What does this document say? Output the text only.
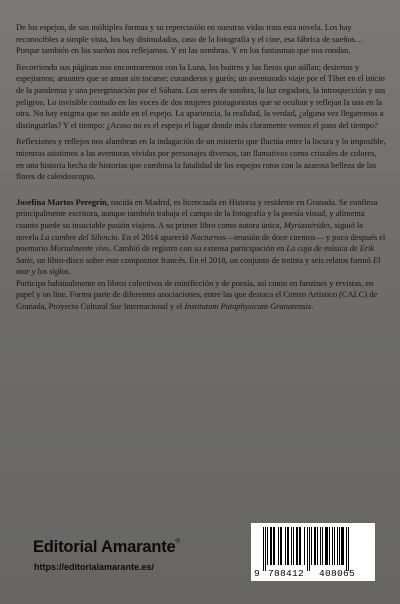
De los espejos, de sus múltiples formas y su repercusión en nuestras vidas trata esta novela. Los hay reconocibles a simple vista, los hay disimulados, caso de la fotografía y el cine, esa fábrica de sueños… Porque también en los sueños nos reflejamos. Y en las sombras. Y en los fantasmas que nos rondan.

Recorriendo sus páginas nos encontraremos con la Luna, los buitres y las fieras que aúllan; desiertos y espejismos; amantes que se aman sin tocarse; curanderos y gurús; un aventurado viaje por el Tíbet en el inicio de la pandemia y una peregrinación por el Sáhara. Los seres de sombra, la luz cegadora, la introspección y sus peligros. Lo invisible contado en las voces de dos mujeres protagonistas que se ocultan y reflejan la una en la otra. No hay enigma que no anide en el espejo. La apariencia, la realidad, la verdad, ¿alguna vez llegaremos a distinguirlas? Y el tiempo: ¿Acaso no es el espejo el lugar donde más claramente vemos el paso del tiempo?

Reflexiones y reflejos nos alumbran en la indagación de un misterio que fluctúa entre la locura y lo imposible, mientras asistimos a las aventuras vividas por personajes diversos, tan llamativos como cristales de colores, en una historia hecha de historias que combina la fatalidad de los espejos rotos con la azarosa belleza de las flores de caleidoscopio.

Josefina Martos Peregrín, nacida en Madrid, es licenciada en Historia y residente en Granada. Se confiesa principalmente escritora, aunque también trabaja el campo de la fotografía y la poesía visual, y alimenta cuanto puede su insaciable pasión viajera. A su primer libro como autora única, Myriastérides, siguió la novela La cumbre del Silencio. En el 2014 apareció Nocturnos—reunión de doce cuentos— y poco después el poemario Mortalmente vivo. Cambió de registro con su extensa participación en La caja de música de Erik Satie, un libro-disco sobre este compositor francés. En el 2018, un conjunto de treinta y seis relatos formó El mar y los siglos.

Participa habitualmente en libros colectivos de minificción y de poesía, así como en fanzines y revistas, en papel y on line. Forma parte de diferentes asociaciones, entre las que destaca el Centro Artístico (CALC) de Granada, Proyecto Cultural Sur Internacional y el Institutum Pataphysicum Granatensis.

Editorial Amarante®
https://editorialamarante.es/
9 788412 408065
